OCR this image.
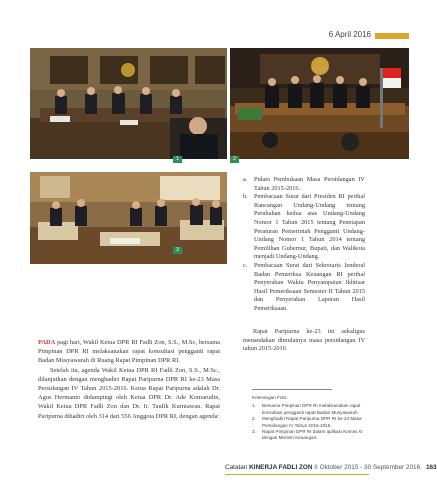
6 April 2016
1	2
3
a.	Pidato Pembukaan Masa Persidangan IV Tahun 2015-2016.
b. Pembacaan Surat dari Presiden RI perihal Rancangan Undang-Undang tentang Perubahan kedua atas Undang-Undang Nomor 1 Tahun 2015 tentang Penetapan Peraturan Pemerintah Pengganti Undang-Undang Nomor 1 Tahun 2014 tentang Pemilihan Gubernur, Bupati, dan Walikota menjadi Undang-Undang.
c.	Pembacaan Surat dari Sekretaris Jenderal Badan Pemeriksa Keuangan RI perihal Penyerahan Waktu Penyampaian Ikhtisar Hasil Pemeriksaan Semester II Tahun 2015 dan Penyerahan Laporan Hasil Pemeriksaan.
Rapat Paripurna ke-23 ini sekaligus menandakan dimulainya masa persidangan IV tahun 2015-2016

PADA pagi hari, Wakil Ketua DPR RI Fadli Zon, S.S., M.Sc, bersama Pimpinan DPR RI melaksanakan rapat konsultasi pengganti rapat Badan Musyawarah di Ruang Rapat Pimpinan DPR RI.

Setelah itu, agenda Wakil Ketua DPR RI Fadli Zon, S.S., M.Sc., dilanjutkan dengan menghadiri Rapat Paripurna DPR RI ke-23 Masa Persidangan IV Tahun 2015-2016. Ketua Rapat Paripurna adalah Dr. Agus Hermanto didampingi oleh Ketua DPR Dr. Ade Komarudin, Wakil Ketua DPR Fadli Zon dan Dr. Ir. Taufik Kurniawan. Rapat Paripurna dihadiri oleh 314 dari 556 Anggota DPR RI, dengan agenda:

Keterangan Foto:
1.	Bersama Pimpinan DPR RI melaksanakan rapat konsultasi pengganti rapat Badan Musyawarah.
2.	Menghadiri Rapat Paripurna DPR RI ke-23 Masa Persidangan IV Tahun 2015-2016.
3.	Rapat Pimpinan DPR RI dalam aplikasi Komisi XI dengan Menteri Keuangan.
Catatan KINERJA FADLI ZON II Oktober 2015 - 30 September 2016 163
